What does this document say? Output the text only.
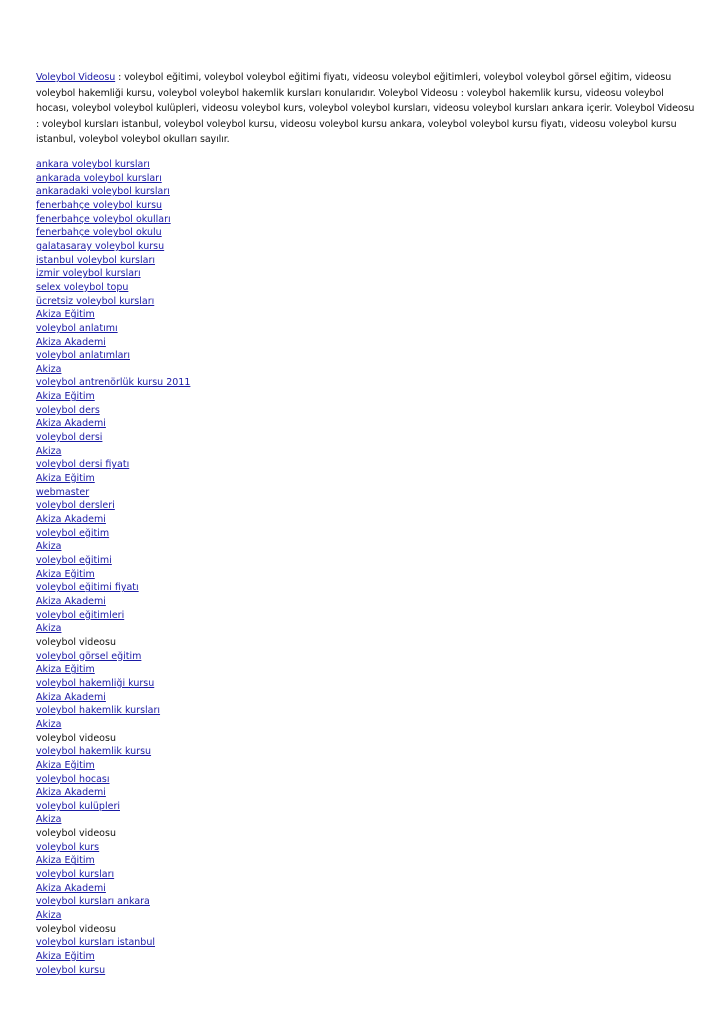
Voleybol Videosu : voleybol eğitimi, voleybol voleybol eğitimi fiyatı, videosu voleybol eğitimleri, voleybol voleybol görsel eğitim, videosu voleybol hakemliği kursu, voleybol voleybol hakemlik kursları konularıdır. Voleybol Videosu : voleybol hakemlik kursu, videosu voleybol hocası, voleybol voleybol kulüpleri, videosu voleybol kurs, voleybol voleybol kursları, videosu voleybol kursları ankara içerir. Voleybol Videosu : voleybol kursları istanbul, voleybol voleybol kursu, videosu voleybol kursu ankara, voleybol voleybol kursu fiyatı, videosu voleybol kursu istanbul, voleybol voleybol okulları sayılır.

ankara voleybol kursları
ankarada voleybol kursları
ankaradaki voleybol kursları
fenerbahçe voleybol kursu
fenerbahçe voleybol okulları
fenerbahçe voleybol okulu
galatasaray voleybol kursu
istanbul voleybol kursları
izmir voleybol kursları
selex voleybol topu
ücretsiz voleybol kursları
Akiza Eğitim
voleybol anlatımı
Akiza Akademi
voleybol anlatımları
Akiza
voleybol antrenörlük kursu 2011
Akiza Eğitim
voleybol ders
Akiza Akademi
voleybol dersi
Akiza
voleybol dersi fiyatı
Akiza Eğitim
webmaster
voleybol dersleri
Akiza Akademi
voleybol eğitim
Akiza
voleybol eğitimi
Akiza Eğitim
voleybol eğitimi fiyatı
Akiza Akademi
voleybol eğitimleri
Akiza
voleybol videosu
voleybol görsel eğitim
Akiza Eğitim
voleybol hakemliği kursu
Akiza Akademi
voleybol hakemlik kursları
Akiza
voleybol videosu
voleybol hakemlik kursu
Akiza Eğitim
voleybol hocası
Akiza Akademi
voleybol kulüpleri
Akiza
voleybol videosu
voleybol kurs
Akiza Eğitim
voleybol kursları
Akiza Akademi
voleybol kursları ankara
Akiza
voleybol videosu
voleybol kursları istanbul
Akiza Eğitim
voleybol kursu
